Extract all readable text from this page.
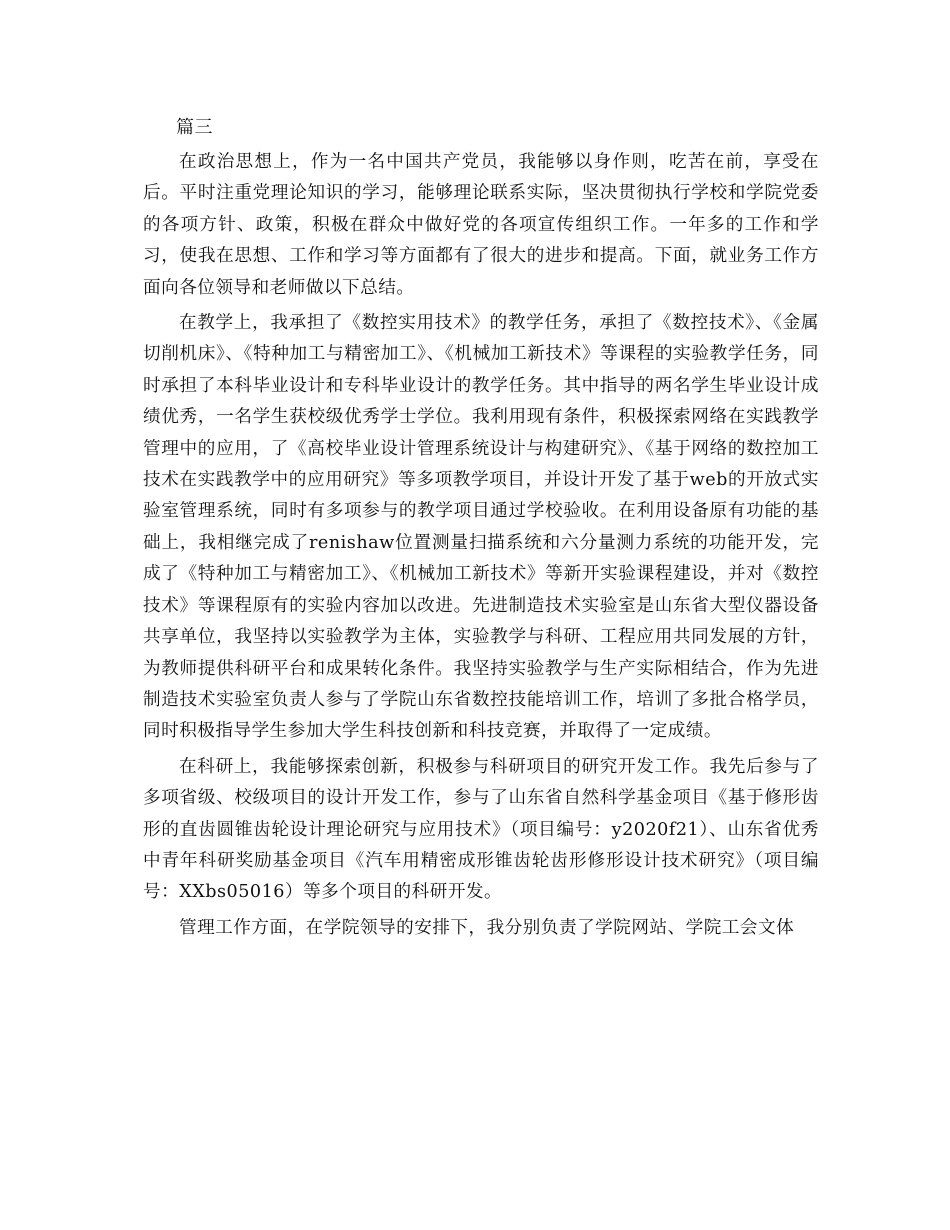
篇三

在政治思想上，作为一名中国共产党员，我能够以身作则，吃苦在前，享受在后。平时注重党理论知识的学习，能够理论联系实际，坚决贯彻执行学校和学院党委的各项方针、政策，积极在群众中做好党的各项宣传组织工作。一年多的工作和学习，使我在思想、工作和学习等方面都有了很大的进步和提高。下面，就业务工作方面向各位领导和老师做以下总结。

在教学上，我承担了《数控实用技术》的教学任务，承担了《数控技术》、《金属切削机床》、《特种加工与精密加工》、《机械加工新技术》等课程的实验教学任务，同时承担了本科毕业设计和专科毕业设计的教学任务。其中指导的两名学生毕业设计成绩优秀，一名学生获校级优秀学士学位。我利用现有条件，积极探索网络在实践教学管理中的应用，了《高校毕业设计管理系统设计与构建研究》、《基于网络的数控加工技术在实践教学中的应用研究》等多项教学项目，并设计开发了基于web的开放式实验室管理系统，同时有多项参与的教学项目通过学校验收。在利用设备原有功能的基础上，我相继完成了renishaw位置测量扫描系统和六分量测力系统的功能开发，完成了《特种加工与精密加工》、《机械加工新技术》等新开实验课程建设，并对《数控技术》等课程原有的实验内容加以改进。先进制造技术实验室是山东省大型仪器设备共享单位，我坚持以实验教学为主体，实验教学与科研、工程应用共同发展的方针，为教师提供科研平台和成果转化条件。我坚持实验教学与生产实际相结合，作为先进制造技术实验室负责人参与了学院山东省数控技能培训工作，培训了多批合格学员，同时积极指导学生参加大学生科技创新和科技竞赛，并取得了一定成绩。

在科研上，我能够探索创新，积极参与科研项目的研究开发工作。我先后参与了多项省级、校级项目的设计开发工作，参与了山东省自然科学基金项目《基于修形齿形的直齿圆锥齿轮设计理论研究与应用技术》（项目编号：y2020f21）、山东省优秀中青年科研奖励基金项目《汽车用精密成形锥齿轮齿形修形设计技术研究》（项目编号：XXbs05016）等多个项目的科研开发。

管理工作方面，在学院领导的安排下，我分别负责了学院网站、学院工会文体
